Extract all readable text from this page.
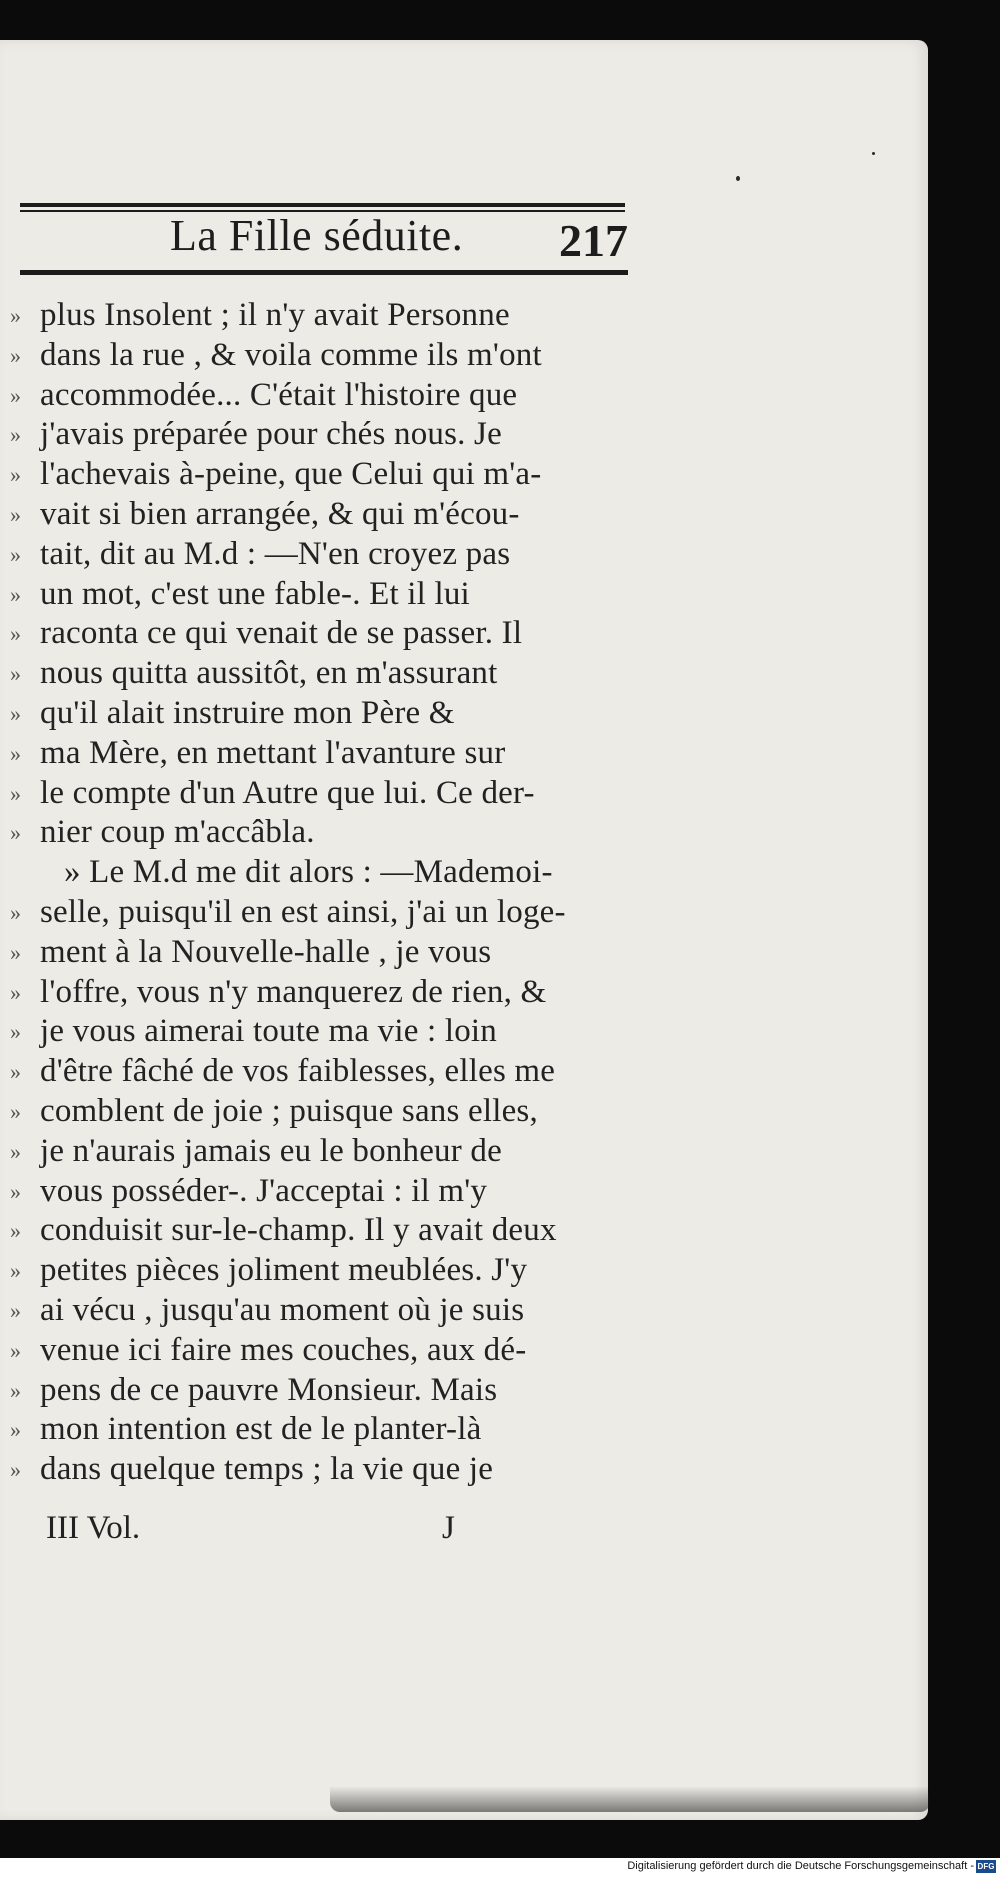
La Fille séduite. 217
» plus Insolent ; il n'y avait Personne
» dans la rue , & voila comme ils m'ont
» accommodée... C'était l'histoire que
» j'avais préparée pour chés nous. Je
» l'achevais à-peine, que Celui qui m'a-
» vait si bien arrangée, & qui m'écou-
» tait, dit au M.d : —N'en croyez pas
» un mot, c'est une fable-. Et il lui
» raconta ce qui venait de se passer. Il
» nous quitta aussitôt, en m'assurant
» qu'il alait instruire mon Père &
» ma Mère, en mettant l'avanture sur
» le compte d'un Autre que lui. Ce der-
» nier coup m'accâbla.
» Le M.d me dit alors : —Mademoi-
» selle, puisqu'il en est ainsi, j'ai un loge-
» ment à la Nouvelle-halle , je vous
» l'offre, vous n'y manquerez de rien, &
» je vous aimerai toute ma vie : loin
» d'être fâché de vos faiblesses, elles me
» comblent de joie ; puisque sans elles,
» je n'aurais jamais eu le bonheur de
» vous posséder-. J'acceptai : il m'y
» conduisit sur-le-champ. Il y avait deux
» petites pièces joliment meublées. J'y
» ai vécu , jusqu'au moment où je suis
» venue ici faire mes couches, aux dé-
» pens de ce pauvre Monsieur. Mais
» mon intention est de le planter-là
» dans quelque temps ; la vie que je
III Vol.	J
Digitalisierung gefördert durch die Deutsche Forschungsgemeinschaft - DFG
